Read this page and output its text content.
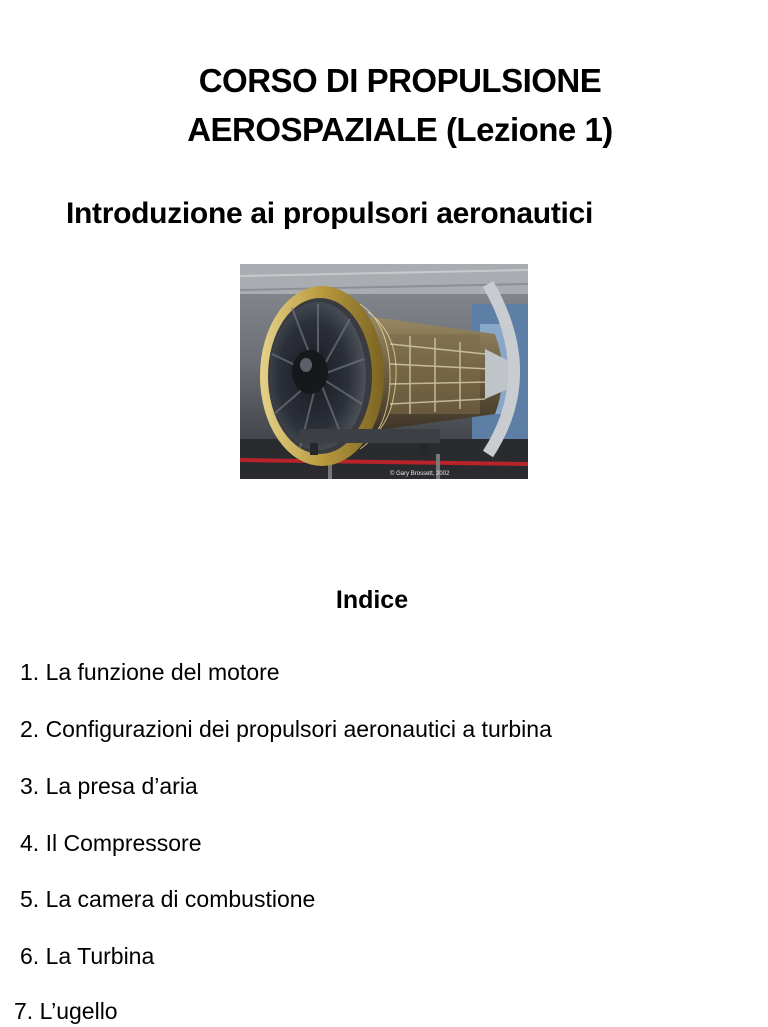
CORSO DI PROPULSIONE
AEROSPAZIALE (Lezione 1)
Introduzione ai propulsori aeronautici
© Gary Brossett, 2002
Indice
1. La funzione del motore
2. Configurazioni dei propulsori aeronautici a turbina
3. La presa d’aria
4. Il Compressore
5. La camera di combustione
6. La Turbina
7. L’ugello
